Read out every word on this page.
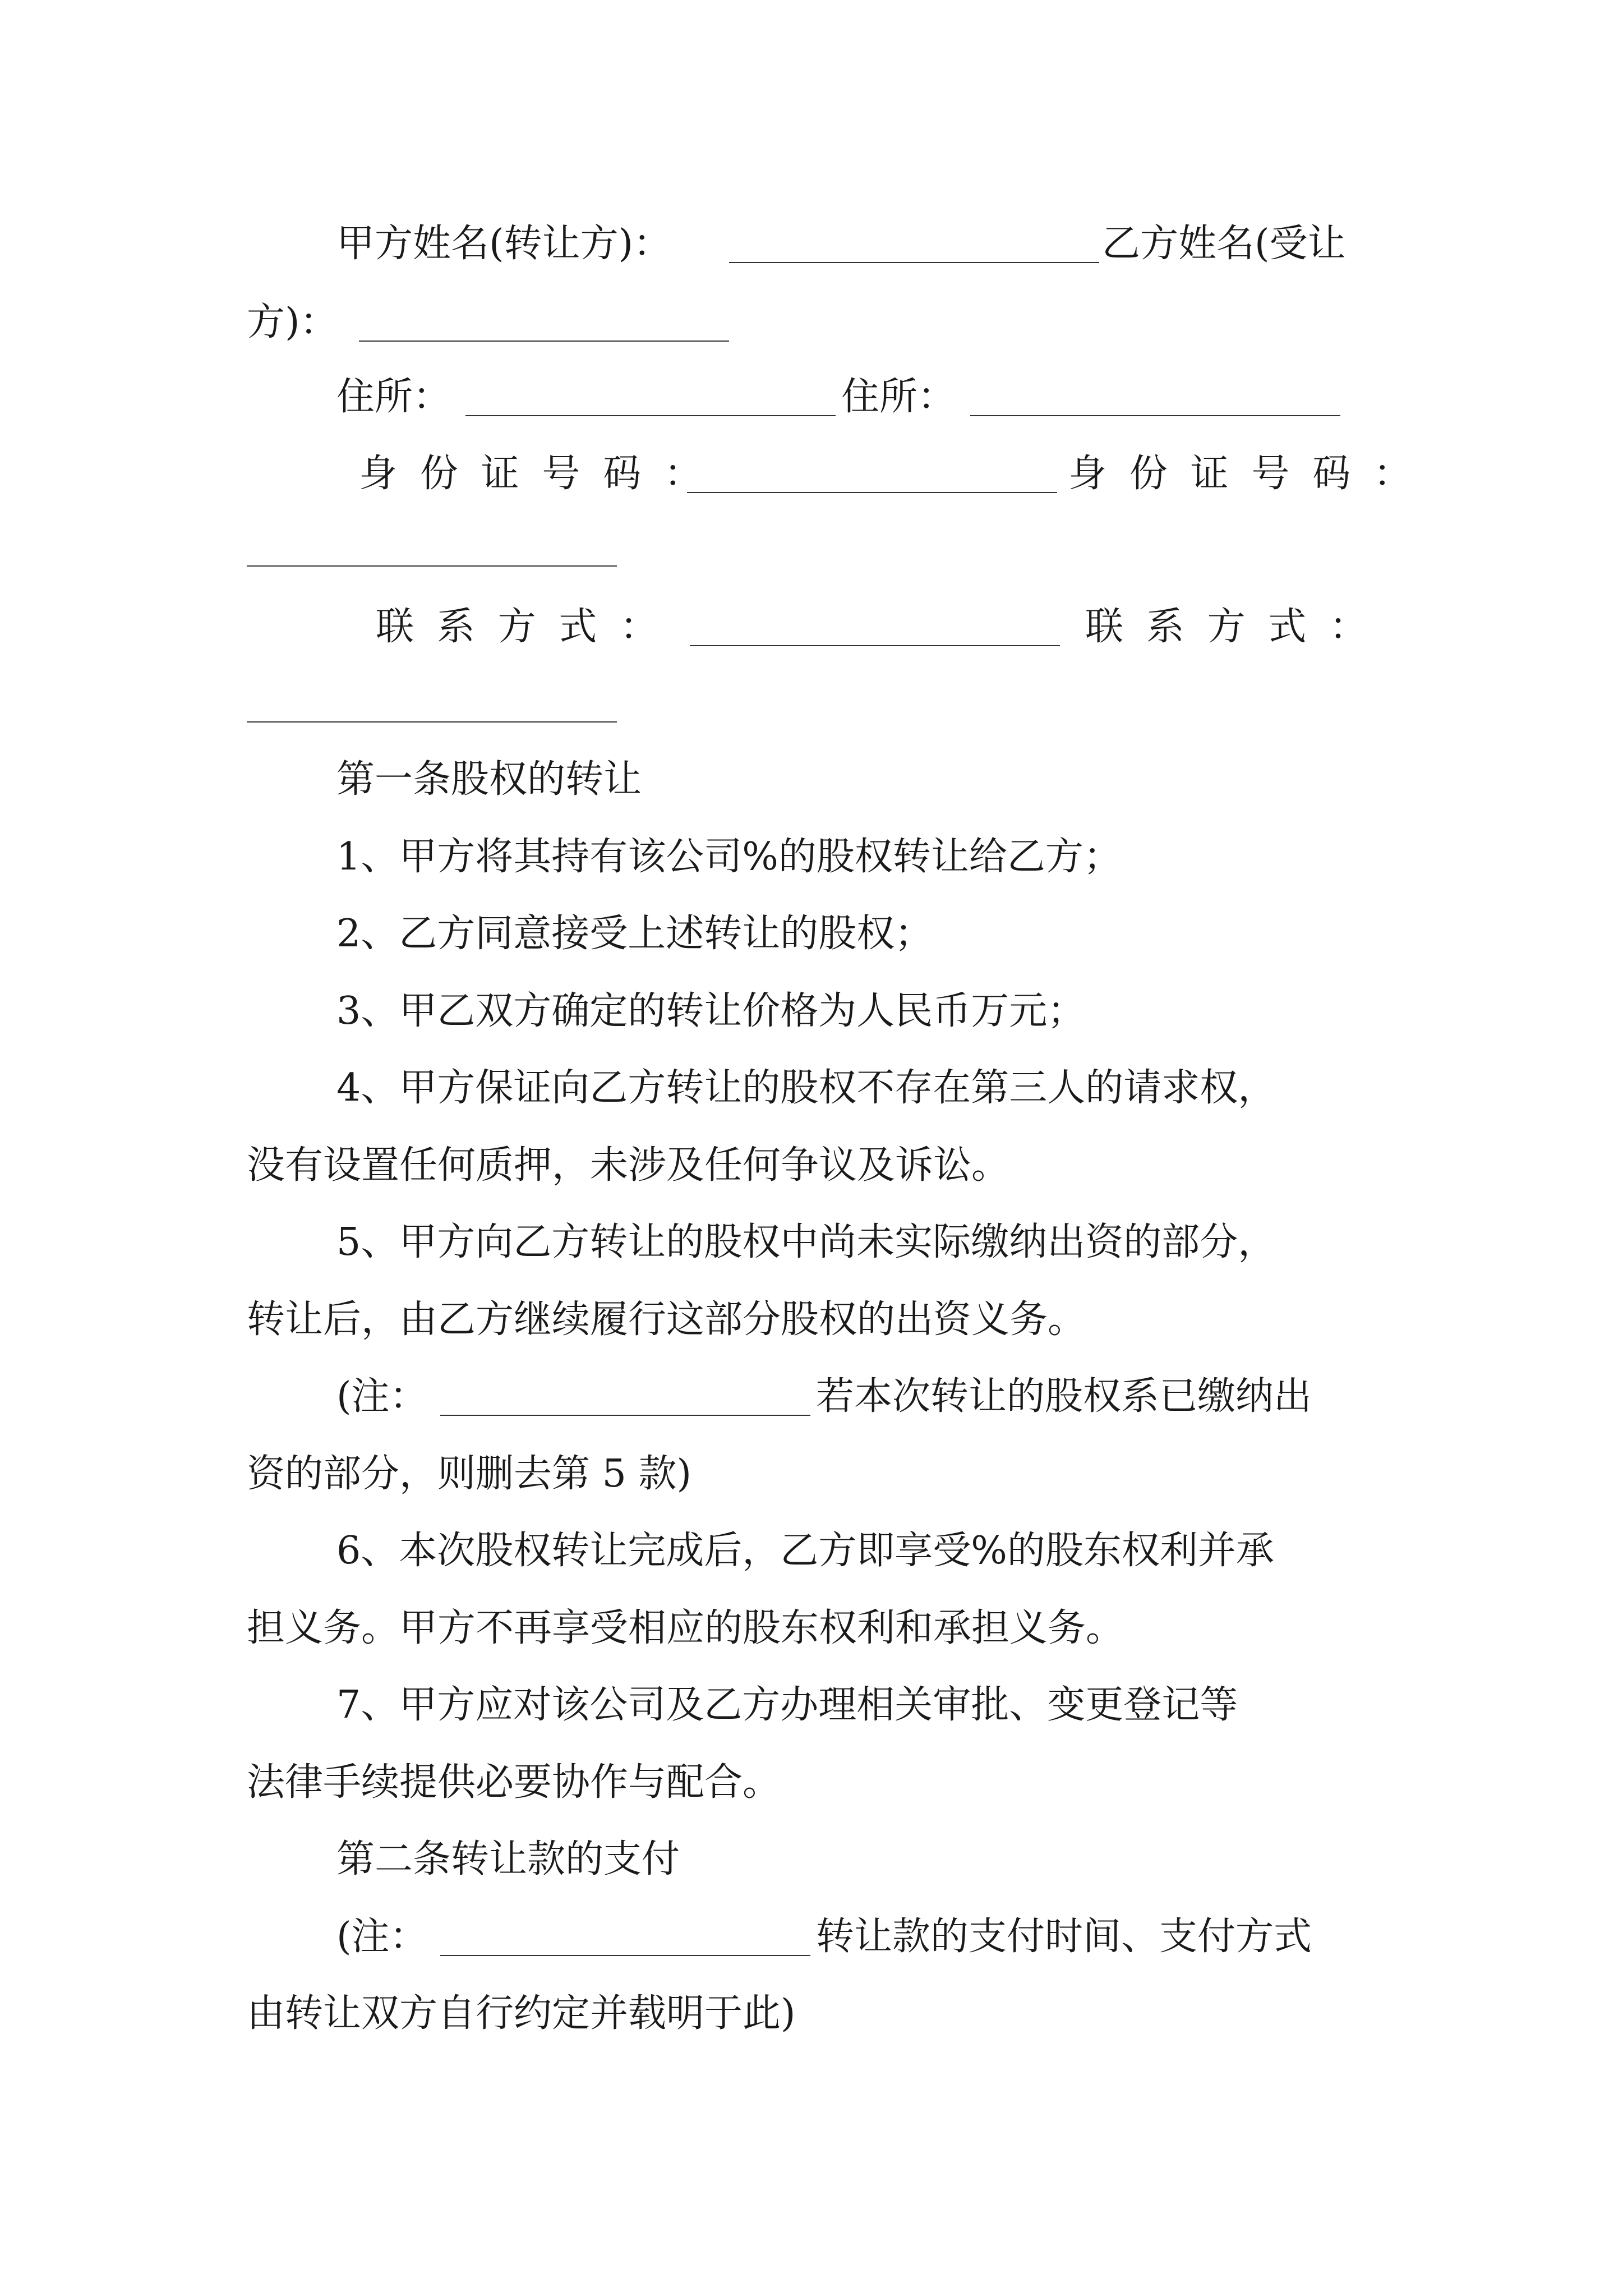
甲方姓名(转让方)：	乙方姓名(受让
方)：
住所：	住所：
身份证号码：	身份证号码：
联系方式：	联系方式：
第一条股权的转让
1、甲方将其持有该公司%的股权转让给乙方；
2、乙方同意接受上述转让的股权；
3、甲乙双方确定的转让价格为人民币万元；
4、甲方保证向乙方转让的股权不存在第三人的请求权，
没有设置任何质押，未涉及任何争议及诉讼。
5、甲方向乙方转让的股权中尚未实际缴纳出资的部分，
转让后，由乙方继续履行这部分股权的出资义务。
(注：	若本次转让的股权系已缴纳出
资的部分，则删去第 5 款)
6、本次股权转让完成后，乙方即享受%的股东权利并承
担义务。甲方不再享受相应的股东权利和承担义务。
7、甲方应对该公司及乙方办理相关审批、变更登记等
法律手续提供必要协作与配合。
第二条转让款的支付
(注：	转让款的支付时间、支付方式
由转让双方自行约定并载明于此)
